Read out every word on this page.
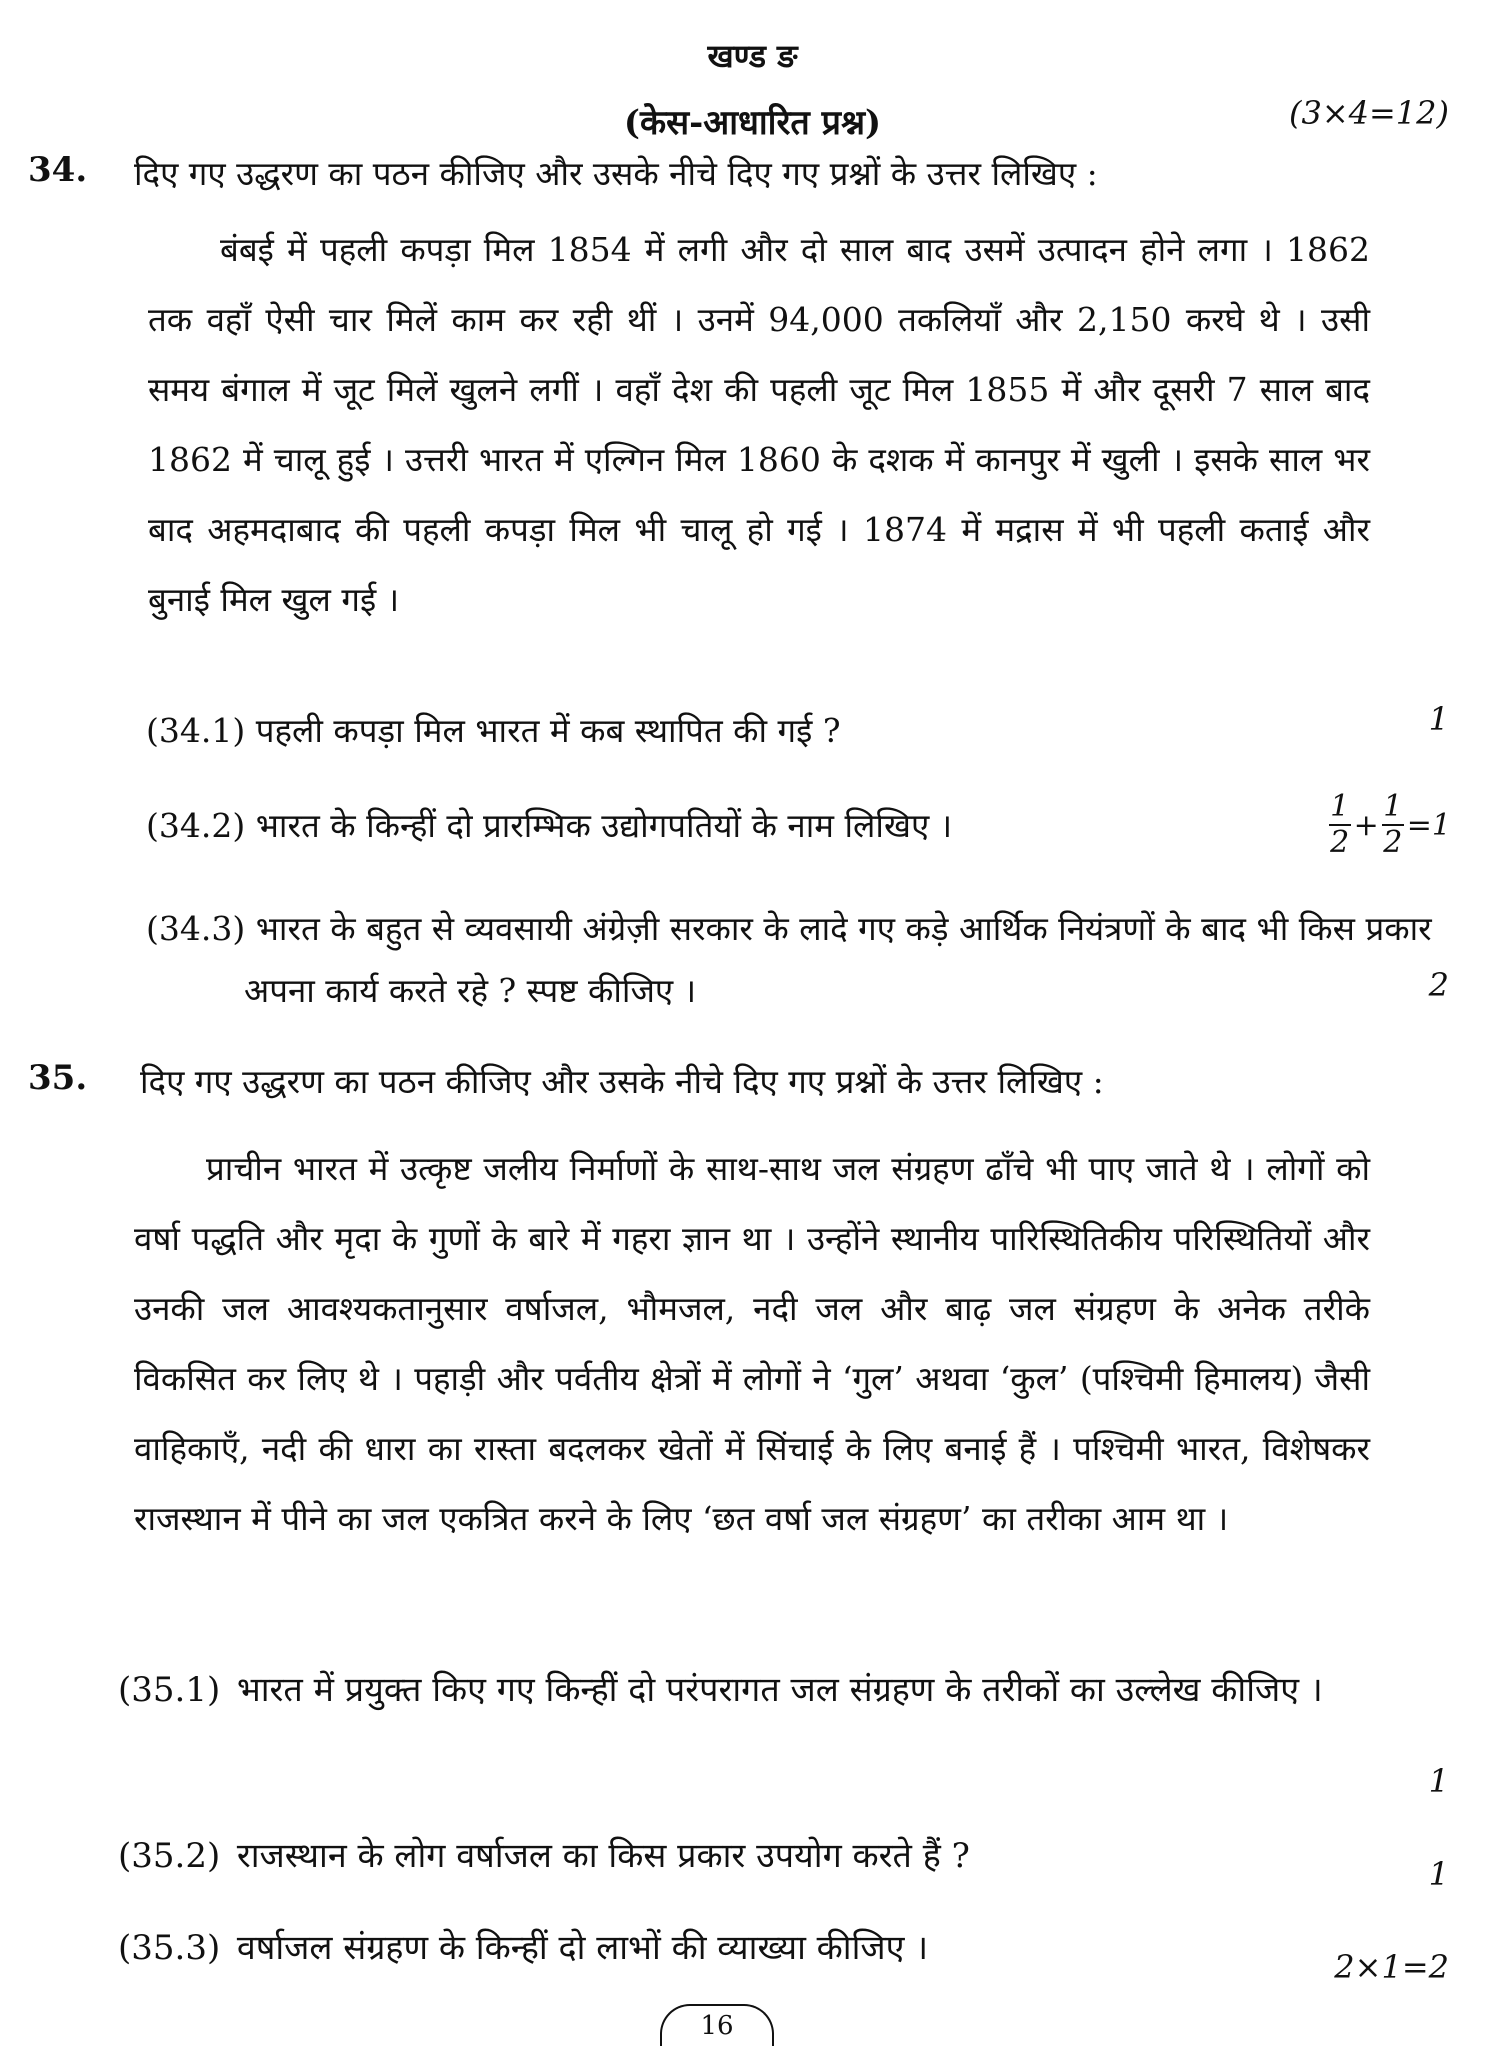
खण्ड ङ
(केस-आधारित प्रश्न)	(3×4=12)
34. दिए गए उद्धरण का पठन कीजिए और उसके नीचे दिए गए प्रश्नों के उत्तर लिखिए :

बंबई में पहली कपड़ा मिल 1854 में लगी और दो साल बाद उसमें उत्पादन होने लगा । 1862 तक वहाँ ऐसी चार मिलें काम कर रही थीं । उनमें 94,000 तकलियाँ और 2,150 करघे थे । उसी समय बंगाल में जूट मिलें खुलने लगीं । वहाँ देश की पहली जूट मिल 1855 में और दूसरी 7 साल बाद 1862 में चालू हुई । उत्तरी भारत में एल्गिन मिल 1860 के दशक में कानपुर में खुली । इसके साल भर बाद अहमदाबाद की पहली कपड़ा मिल भी चालू हो गई । 1874 में मद्रास में भी पहली कताई और बुनाई मिल खुल गई ।

(34.1) पहली कपड़ा मिल भारत में कब स्थापित की गई ?	1
(34.2) भारत के किन्हीं दो प्रारम्भिक उद्योगपतियों के नाम लिखिए ।	1
2 +
1
2 =1
(34.3) भारत के बहुत से व्यवसायी अंग्रेज़ी सरकार के लादे गए कड़े आर्थिक नियंत्रणों के बाद भी किस प्रकार अपना कार्य करते रहे ? स्पष्ट कीजिए ।	2
35. दिए गए उद्धरण का पठन कीजिए और उसके नीचे दिए गए प्रश्नों के उत्तर लिखिए :

प्राचीन भारत में उत्कृष्ट जलीय निर्माणों के साथ-साथ जल संग्रहण ढाँचे भी पाए जाते थे । लोगों को वर्षा पद्धति और मृदा के गुणों के बारे में गहरा ज्ञान था । उन्होंने स्थानीय पारिस्थितिकीय परिस्थितियों और उनकी जल आवश्यकतानुसार वर्षाजल, भौमजल, नदी जल और बाढ़ जल संग्रहण के अनेक तरीके विकसित कर लिए थे । पहाड़ी और पर्वतीय क्षेत्रों में लोगों ने ‘गुल’ अथवा ‘कुल’ (पश्चिमी हिमालय) जैसी वाहिकाएँ, नदी की धारा का रास्ता बदलकर खेतों में सिंचाई के लिए बनाई हैं । पश्चिमी भारत, विशेषकर राजस्थान में पीने का जल एकत्रित करने के लिए ‘छत वर्षा जल संग्रहण’ का तरीका आम था ।

(35.1) भारत में प्रयुक्त किए गए किन्हीं दो परंपरागत जल संग्रहण के तरीकों का उल्लेख कीजिए ।
1
(35.2) राजस्थान के लोग वर्षाजल का किस प्रकार उपयोग करते हैं ?	1
(35.3) वर्षाजल संग्रहण के किन्हीं दो लाभों की व्याख्या कीजिए ।	2×1=2
16
